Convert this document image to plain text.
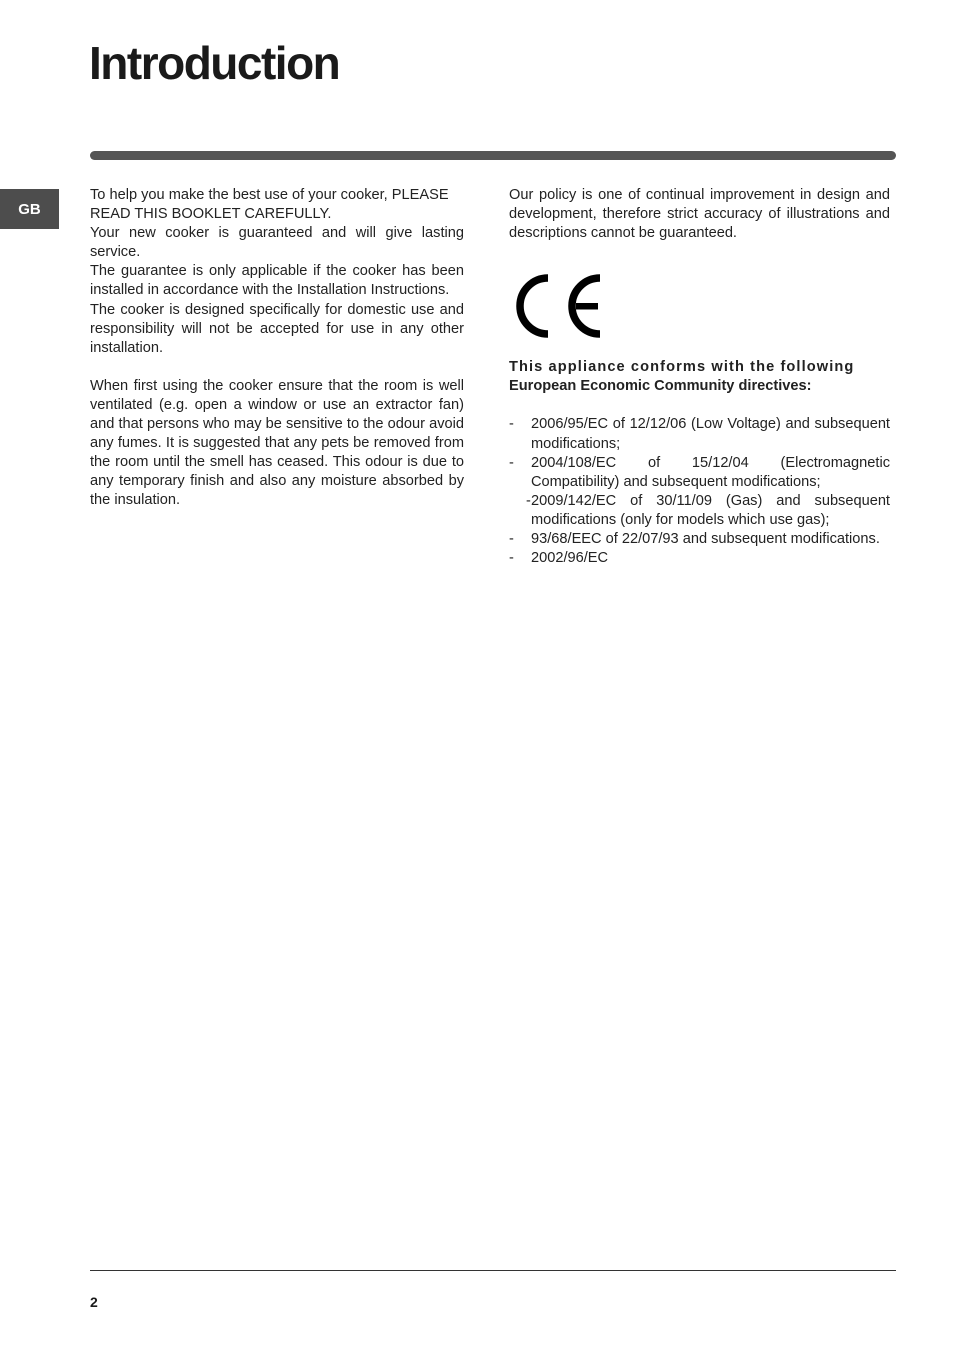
Introduction
GB

To help you make the best use of your cooker, PLEASE READ THIS BOOKLET CAREFULLY.

Your new cooker is guaranteed and will give lasting service.

The guarantee is only applicable if the cooker has been installed in accordance with the Installation Instructions.

The cooker is designed specifically for domestic use and responsibility will not be accepted for use in any other installation.

When first using the cooker ensure that the room is well ventilated (e.g. open a window or use an extractor fan) and that persons who may be sensitive to the odour avoid any fumes. It is suggested that any pets be removed from the room until the smell has ceased. This odour is due to any temporary finish and also any moisture absorbed by the insulation.

Our policy is one of continual improvement in design and development, therefore strict accuracy of illustrations and descriptions cannot be guaranteed.

This appliance conforms with the following
European Economic Community directives:

- 2006/95/EC of 12/12/06 (Low Voltage) and subsequent modifications;
- 2004/108/EC of 15/12/04 (Electromagnetic Compatibility) and subsequent modifications;
- 2009/142/EC of 30/11/09 (Gas) and subsequent modifications (only for models which use gas);
- 93/68/EEC of 22/07/93 and subsequent modifications.
- 2002/96/EC
2
